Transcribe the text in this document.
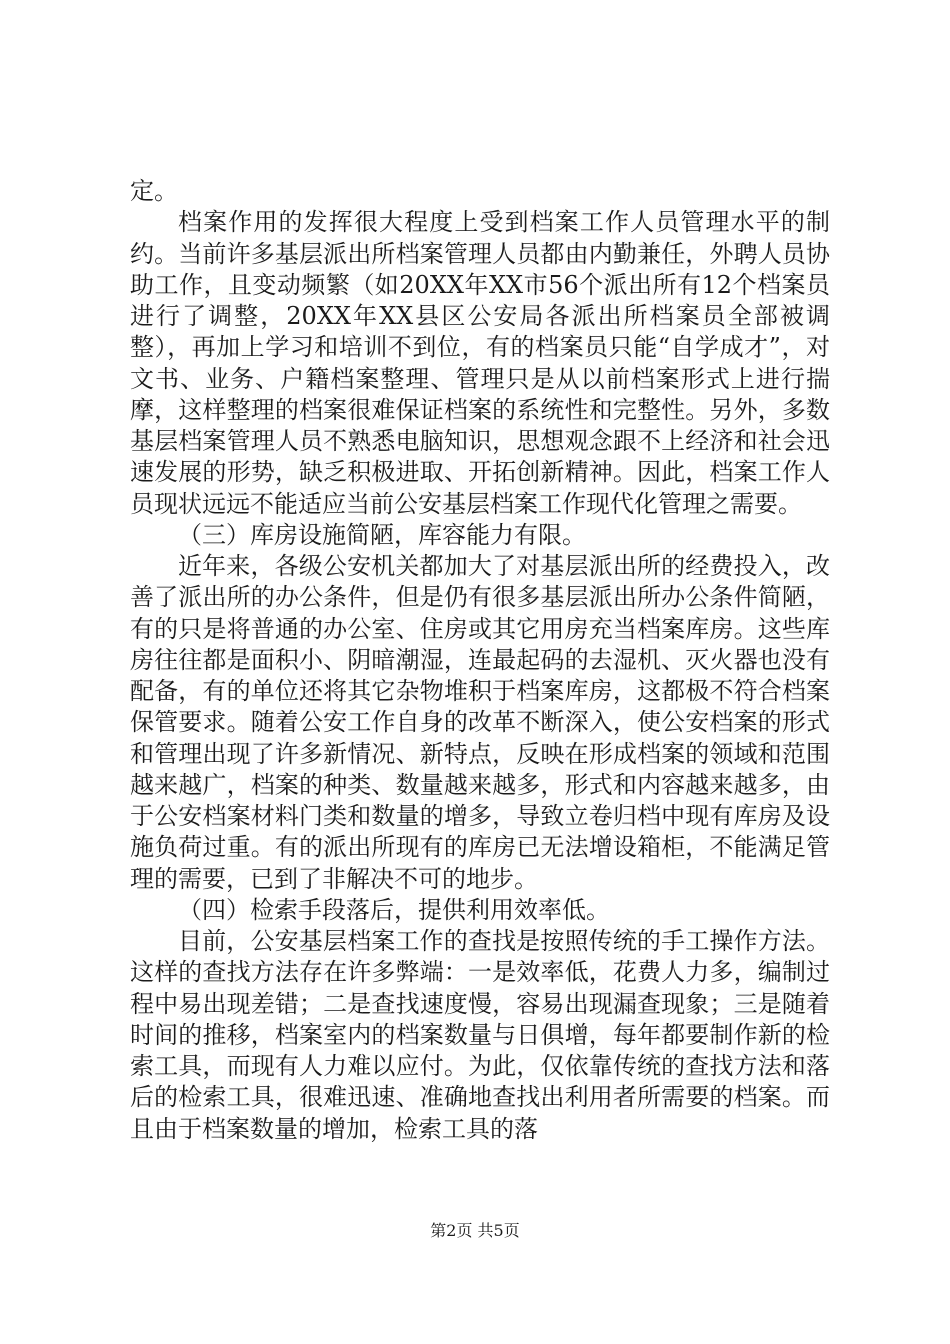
定。

档案作用的发挥很大程度上受到档案工作人员管理水平的制约。当前许多基层派出所档案管理人员都由内勤兼任，外聘人员协助工作，且变动频繁（如20XX年XX市56个派出所有12个档案员进行了调整，20XX年XX县区公安局各派出所档案员全部被调整），再加上学习和培训不到位，有的档案员只能“自学成才”，对文书、业务、户籍档案整理、管理只是从以前档案形式上进行揣摩，这样整理的档案很难保证档案的系统性和完整性。另外，多数基层档案管理人员不熟悉电脑知识，思想观念跟不上经济和社会迅速发展的形势，缺乏积极进取、开拓创新精神。因此，档案工作人员现状远远不能适应当前公安基层档案工作现代化管理之需要。

（三）库房设施简陋，库容能力有限。

近年来，各级公安机关都加大了对基层派出所的经费投入，改善了派出所的办公条件，但是仍有很多基层派出所办公条件简陋，有的只是将普通的办公室、住房或其它用房充当档案库房。这些库房往往都是面积小、阴暗潮湿，连最起码的去湿机、灭火器也没有配备，有的单位还将其它杂物堆积于档案库房，这都极不符合档案保管要求。随着公安工作自身的改革不断深入，使公安档案的形式和管理出现了许多新情况、新特点，反映在形成档案的领域和范围越来越广，档案的种类、数量越来越多，形式和内容越来越多，由于公安档案材料门类和数量的增多，导致立卷归档中现有库房及设施负荷过重。有的派出所现有的库房已无法增设箱柜，不能满足管理的需要，已到了非解决不可的地步。

（四）检索手段落后，提供利用效率低。

目前，公安基层档案工作的查找是按照传统的手工操作方法。这样的查找方法存在许多弊端：一是效率低，花费人力多，编制过程中易出现差错；二是查找速度慢，容易出现漏查现象；三是随着时间的推移，档案室内的档案数量与日俱增，每年都要制作新的检索工具，而现有人力难以应付。为此，仅依靠传统的查找方法和落后的检索工具，很难迅速、准确地查找出利用者所需要的档案。而且由于档案数量的增加，检索工具的落

第2页 共5页
